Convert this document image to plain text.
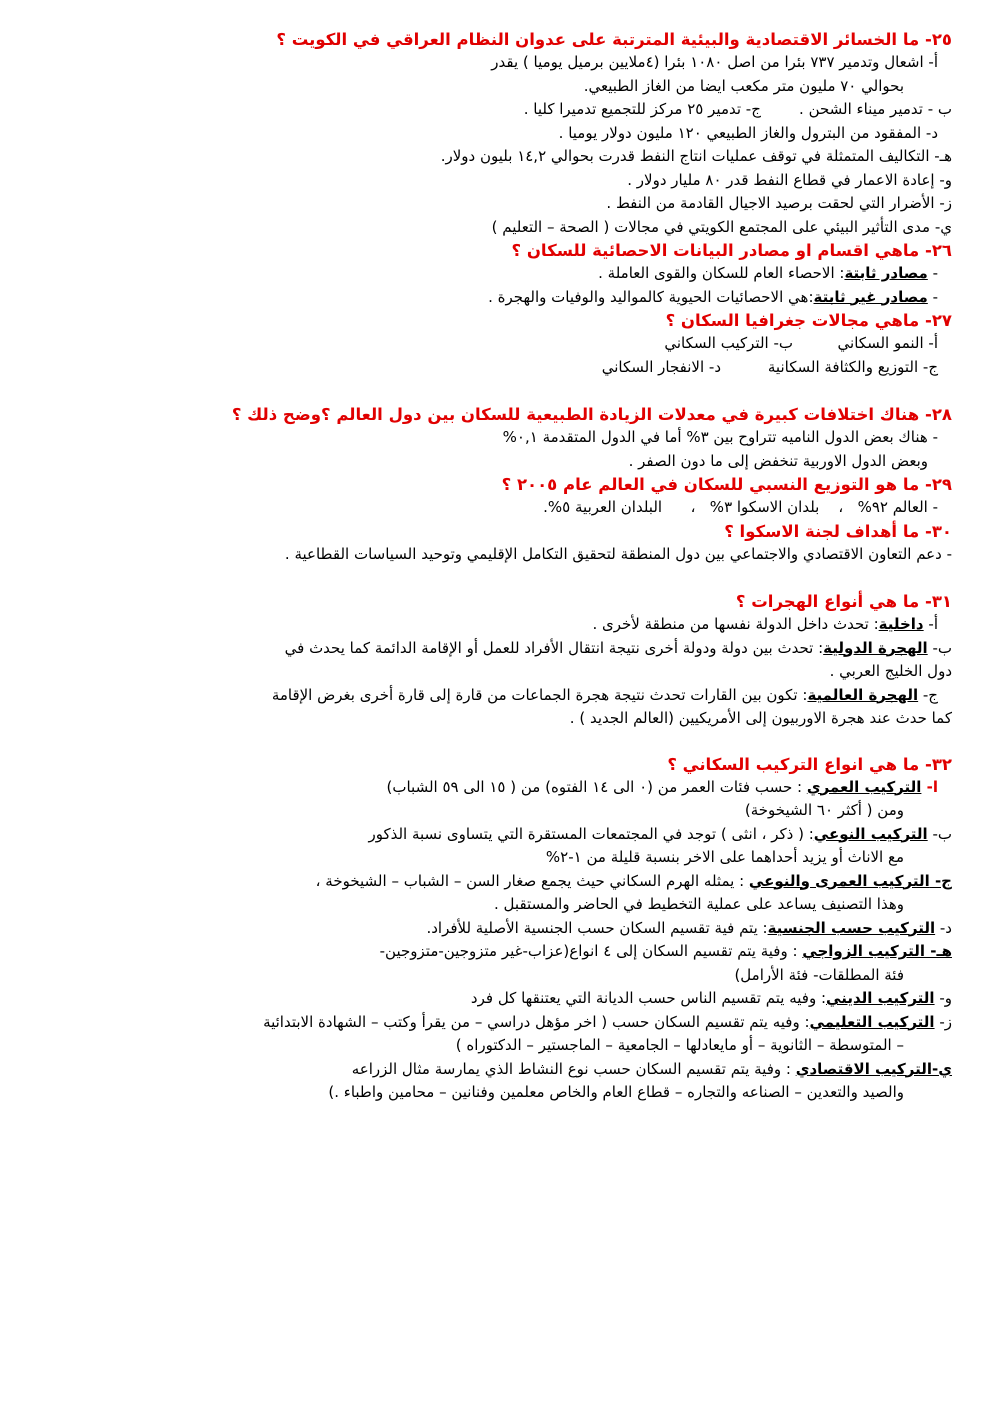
٢٥- ما الخسائر الاقتصادية والبيئية المترتبة على عدوان النظام العراقي في الكويت ؟

أ- اشعال وتدمير ٧٣٧ بئرا من اصل ١٠٨٠ بئرا (٤ملايين برميل يوميا ) يقدر

بحوالي ٧٠ مليون متر مكعب ايضا من الغاز الطبيعي.

ب - تدمير ميناء الشحن .        ج- تدمير ٢٥ مركز للتجميع تدميرا كليا .

د- المفقود من البترول والغاز الطبيعي ١٢٠ مليون دولار يوميا .

هـ- التكاليف المتمثلة في توقف عمليات انتاج النفط قدرت بحوالي ١٤,٢ بليون دولار.

و- إعادة الاعمار في قطاع النفط قدر ٨٠ مليار دولار .

ز- الأضرار التي لحقت برصيد الاجيال القادمة من النفط .

ي- مدى التأثير البيئي على المجتمع الكويتي في مجالات ( الصحة – التعليم )

٢٦- ماهي اقسام او مصادر البيانات الاحصائية للسكان ؟

- مصادر ثابتة: الاحصاء العام للسكان والقوى العاملة .

- مصادر غير ثابتة:هي الاحصائيات الحيوية كالمواليد والوفيات والهجرة .

٢٧- ماهي مجالات جغرافيا السكان ؟

أ- النمو السكانيب- التركيب السكاني

ج- التوزيع والكثافة السكانيةد- الانفجار السكاني

٢٨- هناك اختلافات كبيرة في معدلات الزيادة الطبيعية للسكان بين دول العالم ؟وضح ذلك ؟

- هناك بعض الدول الناميه تتراوح بين ٣% أما في الدول المتقدمة ٠,١%

وبعض الدول الاوربية تنخفض إلى ما دون الصفر .

٢٩- ما هو التوزيع النسبي للسكان في العالم عام ٢٠٠٥ ؟

- العالم ٩٢%   ،    بلدان الاسكوا ٣%   ،      البلدان العربية ٥%.

٣٠- ما أهداف لجنة الاسكوا ؟

- دعم التعاون الاقتصادي والاجتماعي بين دول المنطقة لتحقيق التكامل الإقليمي وتوحيد السياسات القطاعية .

٣١- ما هي أنواع الهجرات ؟

أ- داخلية: تحدث داخل الدولة نفسها من منطقة لأخرى .

ب- الهجرة الدولية: تحدث بين دولة ودولة أخرى نتيجة انتقال الأفراد للعمل أو الإقامة الدائمة كما يحدث في

دول الخليج العربي .

ج- الهجرة العالمية: تكون بين القارات تحدث نتيجة هجرة الجماعات من قارة إلى قارة أخرى بغرض الإقامة

كما حدث عند هجرة الاوربيون إلى الأمريكيين (العالم الجديد ) .

٣٢- ما هي انواع التركيب السكاني ؟

ا- التركيب العمري : حسب فئات العمر من (٠ الى ١٤ الفتوه) من ( ١٥ الى ٥٩ الشباب)

ومن ( أكثر ٦٠ الشيخوخة)

ب- التركيب النوعي: ( ذكر ، انثى ) توجد في المجتمعات المستقرة التي يتساوى نسبة الذكور

مع الاناث أو يزيد أحداهما على الاخر بنسبة قليلة من ١-٢%

ج- التركيب العمرى والنوعي : يمثله الهرم السكاني حيث يجمع صغار السن – الشباب – الشيخوخة ،

وهذا التصنيف يساعد على عملية التخطيط في الحاضر والمستقبل .

د- التركيب حسب الجنسية: يتم فية تقسيم السكان حسب الجنسية الأصلية للأفراد.

هـ- التركيب الزواجي : وفية يتم تقسيم السكان إلى ٤ انواع(عزاب-غير متزوجين-متزوجين-

فئة المطلقات- فئة الأرامل)

و- التركيب الديني: وفيه يتم تقسيم الناس حسب الديانة التي يعتنقها كل فرد

ز- التركيب التعليمي: وفيه يتم تقسيم السكان حسب ( اخر مؤهل دراسي – من يقرأ وكتب – الشهادة الابتدائية

– المتوسطة – الثانوية – أو مايعادلها – الجامعية – الماجستير – الدكتوراه )

ي-التركيب الاقتصادي : وفية يتم تقسيم السكان حسب نوع النشاط الذي يمارسة مثال الزراعه

والصيد والتعدين – الصناعه والتجاره – قطاع العام والخاص معلمين وفنانين – محامين واطباء .)
